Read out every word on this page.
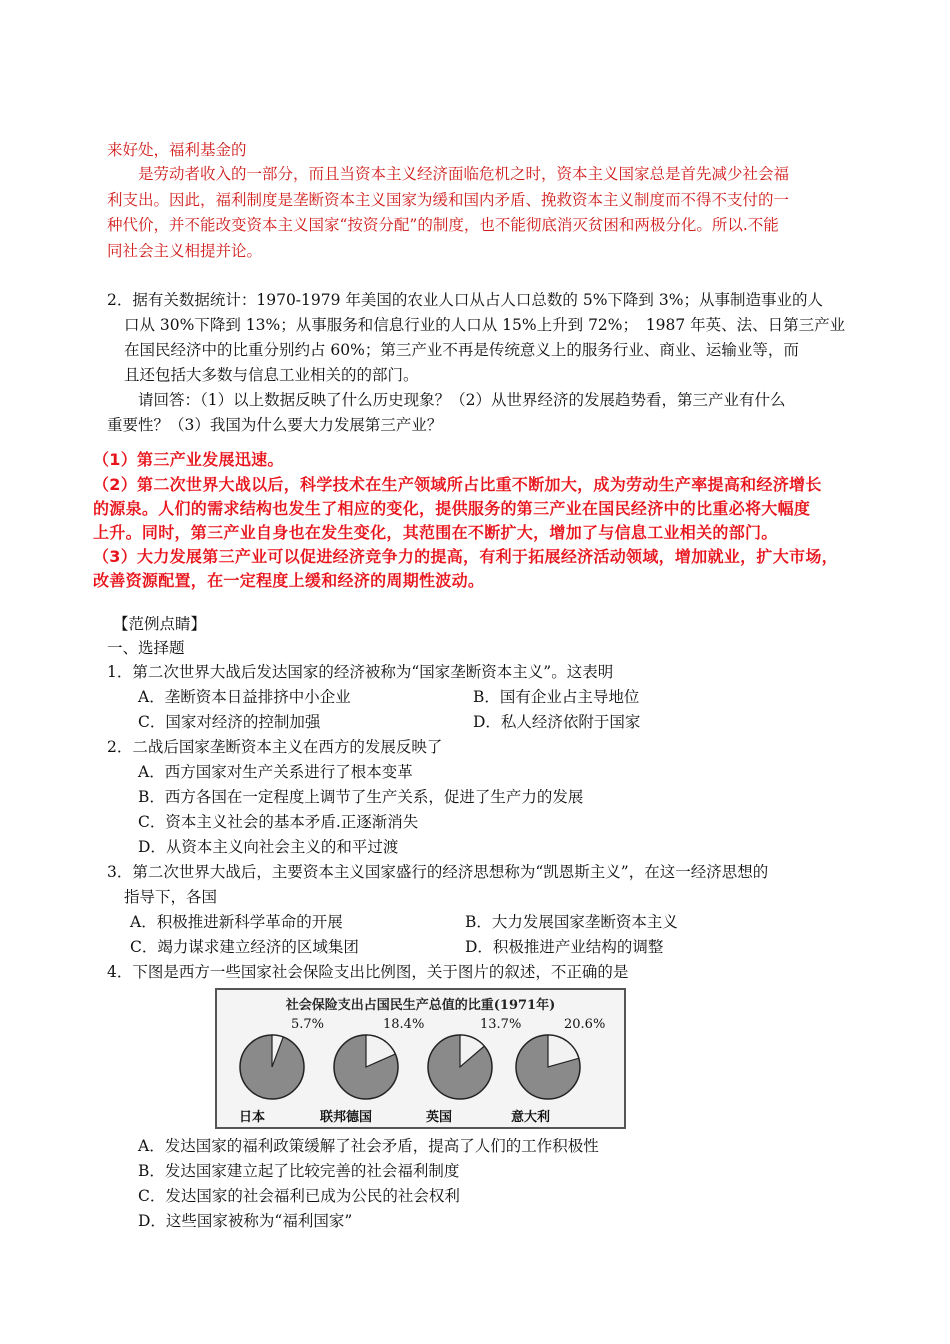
来好处，福利基金的
是劳动者收入的一部分，而且当资本主义经济面临危机之时，资本主义国家总是首先减少社会福
利支出。因此，福利制度是垄断资本主义国家为缓和国内矛盾、挽救资本主义制度而不得不支付的一
种代价，并不能改变资本主义国家“按资分配”的制度，也不能彻底消灭贫困和两极分化。所以.不能
同社会主义相提并论。
2．据有关数据统计：1970-1979 年美国的农业人口从占人口总数的 5%下降到 3%；从事制造事业的人
口从 30%下降到 13%；从事服务和信息行业的人口从 15%上升到 72%；　1987 年英、法、日第三产业
在国民经济中的比重分别约占 60%；第三产业不再是传统意义上的服务行业、商业、运输业等，而
且还包括大多数与信息工业相关的的部门。
请回答：（1）以上数据反映了什么历史现象？（2）从世界经济的发展趋势看，第三产业有什么
重要性？（3）我国为什么要大力发展第三产业？
（1）第三产业发展迅速。
（2）第二次世界大战以后，科学技术在生产领域所占比重不断加大，成为劳动生产率提高和经济增长
的源泉。人们的需求结构也发生了相应的变化，提供服务的第三产业在国民经济中的比重必将大幅度
上升。同时，第三产业自身也在发生变化，其范围在不断扩大，增加了与信息工业相关的部门。
（3）大力发展第三产业可以促进经济竞争力的提高，有利于拓展经济活动领域，增加就业，扩大市场，
改善资源配置，在一定程度上缓和经济的周期性波动。
【范例点睛】
一、选择题
1．第二次世界大战后发达国家的经济被称为“国家垄断资本主义”。这表明
A．垄断资本日益排挤中小企业	B．国有企业占主导地位
C．国家对经济的控制加强	D．私人经济依附于国家
2．二战后国家垄断资本主义在西方的发展反映了
A．西方国家对生产关系进行了根本变革
B．西方各国在一定程度上调节了生产关系，促进了生产力的发展
C．资本主义社会的基本矛盾.正逐渐消失
D．从资本主义向社会主义的和平过渡
3．第二次世界大战后，主要资本主义国家盛行的经济思想称为“凯恩斯主义”，在这一经济思想的
指导下，各国
A．积极推进新科学革命的开展	B．大力发展国家垄断资本主义
C．竭力谋求建立经济的区域集团	D．积极推进产业结构的调整
4．下图是西方一些国家社会保险支出比例图，关于图片的叙述，不正确的是
社会保险支出占国民生产总值的比重(1971年)
5.7%	18.4%	13.7%	20.6%
日本	联邦德国	英国	意大利
A．发达国家的福利政策缓解了社会矛盾，提高了人们的工作积极性
B．发达国家建立起了比较完善的社会福利制度
C．发达国家的社会福利已成为公民的社会权利
D．这些国家被称为“福利国家”
